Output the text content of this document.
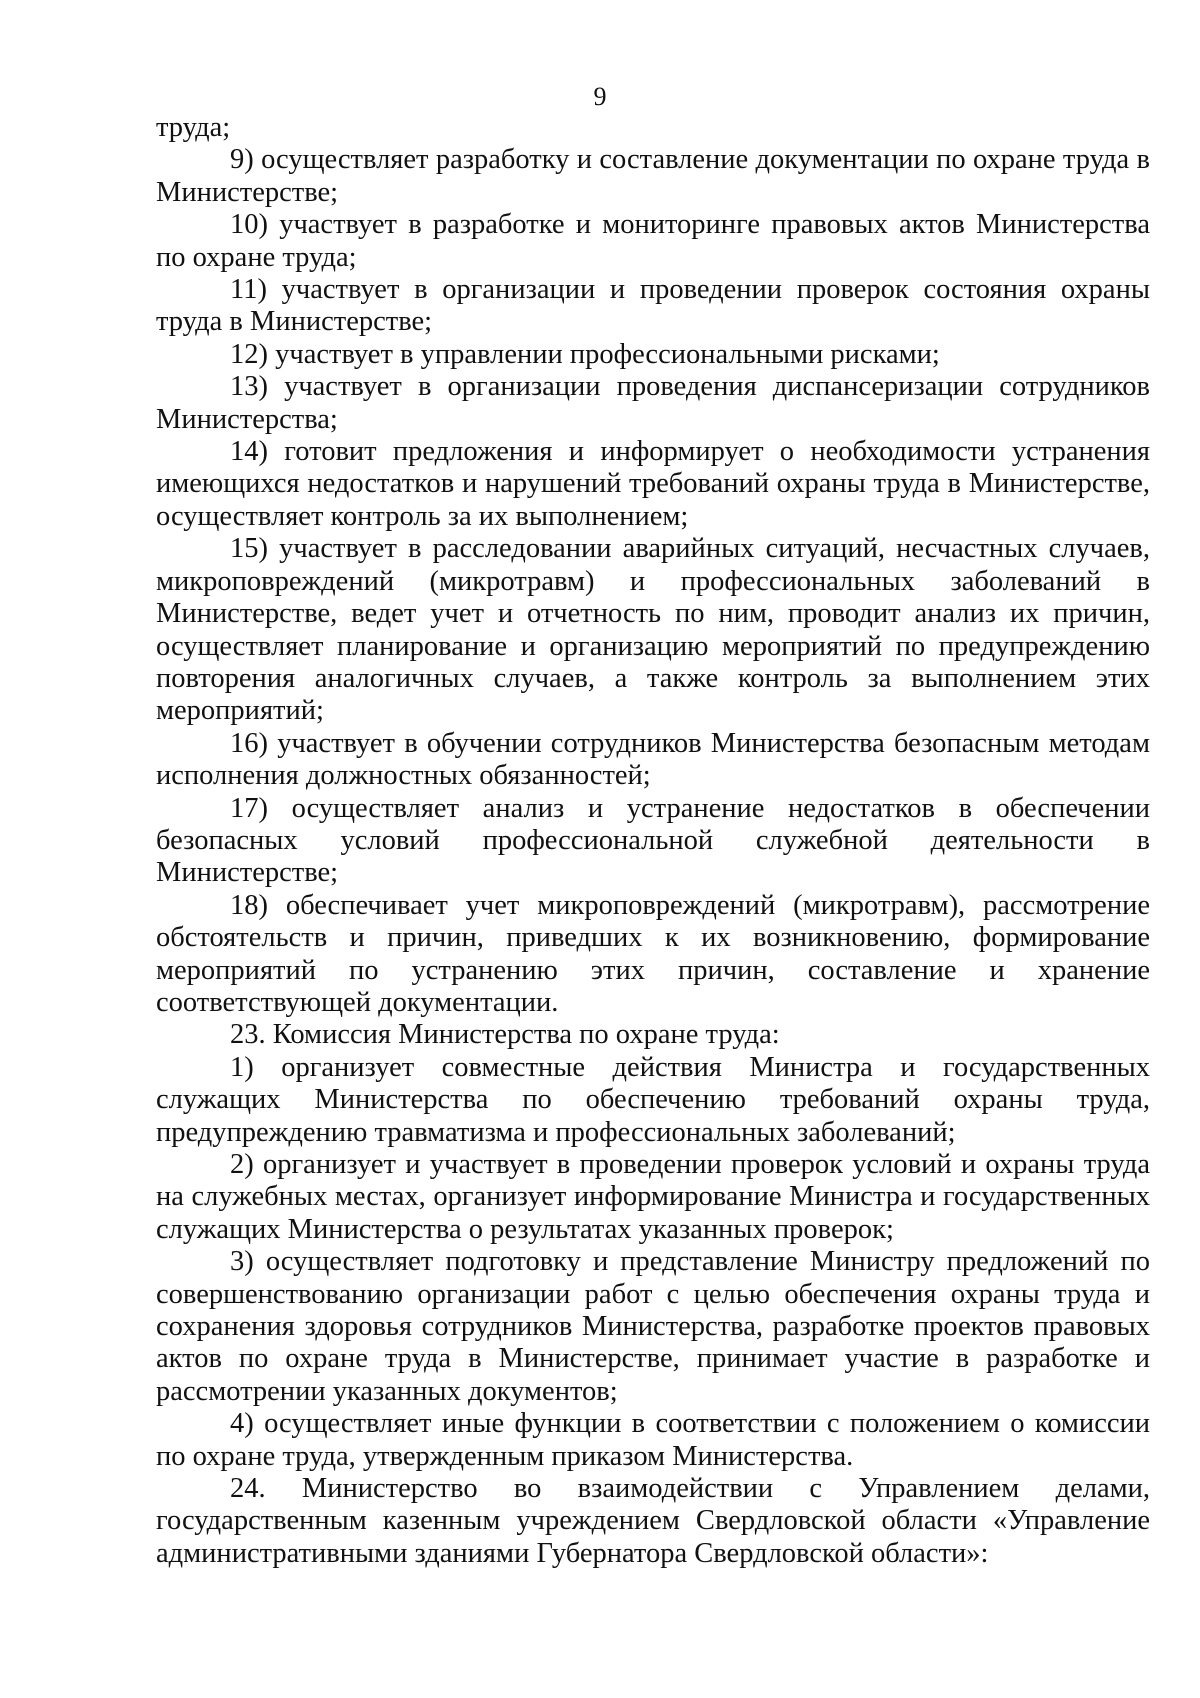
9

труда;

9) осуществляет разработку и составление документации по охране труда в Министерстве;

10) участвует в разработке и мониторинге правовых актов Министерства по охране труда;

11) участвует в организации и проведении проверок состояния охраны труда в Министерстве;

12) участвует в управлении профессиональными рисками;

13) участвует в организации проведения диспансеризации сотрудников Министерства;

14) готовит предложения и информирует о необходимости устранения имеющихся недостатков и нарушений требований охраны труда в Министерстве, осуществляет контроль за их выполнением;

15) участвует в расследовании аварийных ситуаций, несчастных случаев, микроповреждений (микротравм) и профессиональных заболеваний в Министерстве, ведет учет и отчетность по ним, проводит анализ их причин, осуществляет планирование и организацию мероприятий по предупреждению повторения аналогичных случаев, а также контроль за выполнением этих мероприятий;

16) участвует в обучении сотрудников Министерства безопасным методам исполнения должностных обязанностей;

17) осуществляет анализ и устранение недостатков в обеспечении безопасных условий профессиональной служебной деятельности в Министерстве;

18) обеспечивает учет микроповреждений (микротравм), рассмотрение обстоятельств и причин, приведших к их возникновению, формирование мероприятий по устранению этих причин, составление и хранение соответствующей документации.

23. Комиссия Министерства по охране труда:

1) организует совместные действия Министра и государственных служащих Министерства по обеспечению требований охраны труда, предупреждению травматизма и профессиональных заболеваний;

2) организует и участвует в проведении проверок условий и охраны труда на служебных местах, организует информирование Министра и государственных служащих Министерства о результатах указанных проверок;

3) осуществляет подготовку и представление Министру предложений по совершенствованию организации работ с целью обеспечения охраны труда и сохранения здоровья сотрудников Министерства, разработке проектов правовых актов по охране труда в Министерстве, принимает участие в разработке и рассмотрении указанных документов;

4) осуществляет иные функции в соответствии с положением о комиссии по охране труда, утвержденным приказом Министерства.

24. Министерство во взаимодействии с Управлением делами, государственным казенным учреждением Свердловской области «Управление административными зданиями Губернатора Свердловской области»:
